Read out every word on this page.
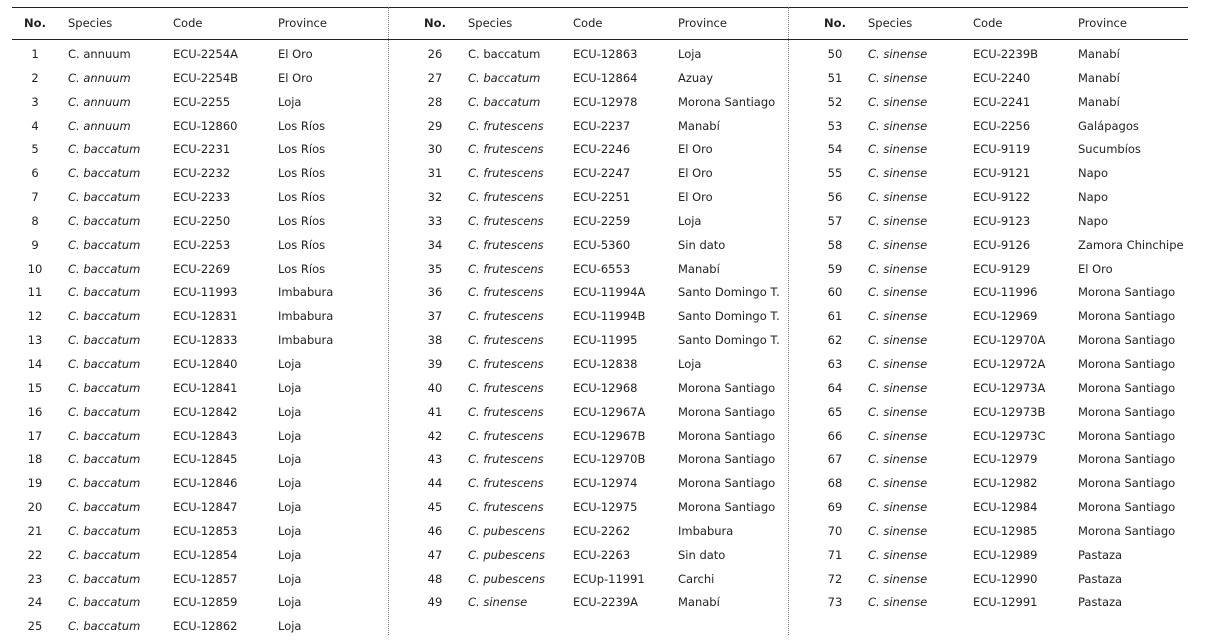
No.	Species	Code	Province	No.	Species	Code	Province	No.	Species	Code	Province
1	C. annuum	ECU-2254A	El Oro
2	C. annuum	ECU-2254B	El Oro
3	C. annuum	ECU-2255	Loja
4	C. annuum	ECU-12860	Los Ríos
5	C. baccatum	ECU-2231	Los Ríos
6	C. baccatum	ECU-2232	Los Ríos
7	C. baccatum	ECU-2233	Los Ríos
8	C. baccatum	ECU-2250	Los Ríos
9	C. baccatum	ECU-2253	Los Ríos
10	C. baccatum	ECU-2269	Los Ríos
11	C. baccatum	ECU-11993	Imbabura
12	C. baccatum	ECU-12831	Imbabura
13	C. baccatum	ECU-12833	Imbabura
14	C. baccatum	ECU-12840	Loja
15	C. baccatum	ECU-12841	Loja
16	C. baccatum	ECU-12842	Loja
17	C. baccatum	ECU-12843	Loja
18	C. baccatum	ECU-12845	Loja
19	C. baccatum	ECU-12846	Loja
20	C. baccatum	ECU-12847	Loja
21	C. baccatum	ECU-12853	Loja
22	C. baccatum	ECU-12854	Loja
23	C. baccatum	ECU-12857	Loja
24	C. baccatum	ECU-12859	Loja
25	C. baccatum	ECU-12862	Loja
26	C. baccatum	ECU-12863	Loja
27	C. baccatum	ECU-12864	Azuay
28	C. baccatum	ECU-12978	Morona Santiago
29	C. frutescens	ECU-2237	Manabí
30	C. frutescens	ECU-2246	El Oro
31	C. frutescens	ECU-2247	El Oro
32	C. frutescens	ECU-2251	El Oro
33	C. frutescens	ECU-2259	Loja
34	C. frutescens	ECU-5360	Sin dato
35	C. frutescens	ECU-6553	Manabí
36	C. frutescens	ECU-11994A	Santo Domingo T.
37	C. frutescens	ECU-11994B	Santo Domingo T.
38	C. frutescens	ECU-11995	Santo Domingo T.
39	C. frutescens	ECU-12838	Loja
40	C. frutescens	ECU-12968	Morona Santiago
41	C. frutescens	ECU-12967A	Morona Santiago
42	C. frutescens	ECU-12967B	Morona Santiago
43	C. frutescens	ECU-12970B	Morona Santiago
44	C. frutescens	ECU-12974	Morona Santiago
45	C. frutescens	ECU-12975	Morona Santiago
46	C. pubescens ECU-2262	Imbabura
47	C. pubescens ECU-2263	Sin dato
48	C. pubescens ECUp-11991	Carchi
49	C. sinense	ECU-2239A	Manabí
50	C. sinense	ECU-2239B	Manabí
51	C. sinense	ECU-2240	Manabí
52	C. sinense	ECU-2241	Manabí
53	C. sinense	ECU-2256	Galápagos
54	C. sinense	ECU-9119	Sucumbíos
55	C. sinense	ECU-9121	Napo
56	C. sinense	ECU-9122	Napo
57	C. sinense	ECU-9123	Napo
58	C. sinense	ECU-9126	Zamora Chinchipe
59	C. sinense	ECU-9129	El Oro
60	C. sinense	ECU-11996	Morona Santiago
61	C. sinense	ECU-12969	Morona Santiago
62	C. sinense	ECU-12970A	Morona Santiago
63	C. sinense	ECU-12972A	Morona Santiago
64	C. sinense	ECU-12973A	Morona Santiago
65	C. sinense	ECU-12973B	Morona Santiago
66	C. sinense	ECU-12973C	Morona Santiago
67	C. sinense	ECU-12979	Morona Santiago
68	C. sinense	ECU-12982	Morona Santiago
69	C. sinense	ECU-12984	Morona Santiago
70	C. sinense	ECU-12985	Morona Santiago
71	C. sinense	ECU-12989	Pastaza
72	C. sinense	ECU-12990	Pastaza
73	C. sinense	ECU-12991	Pastaza
